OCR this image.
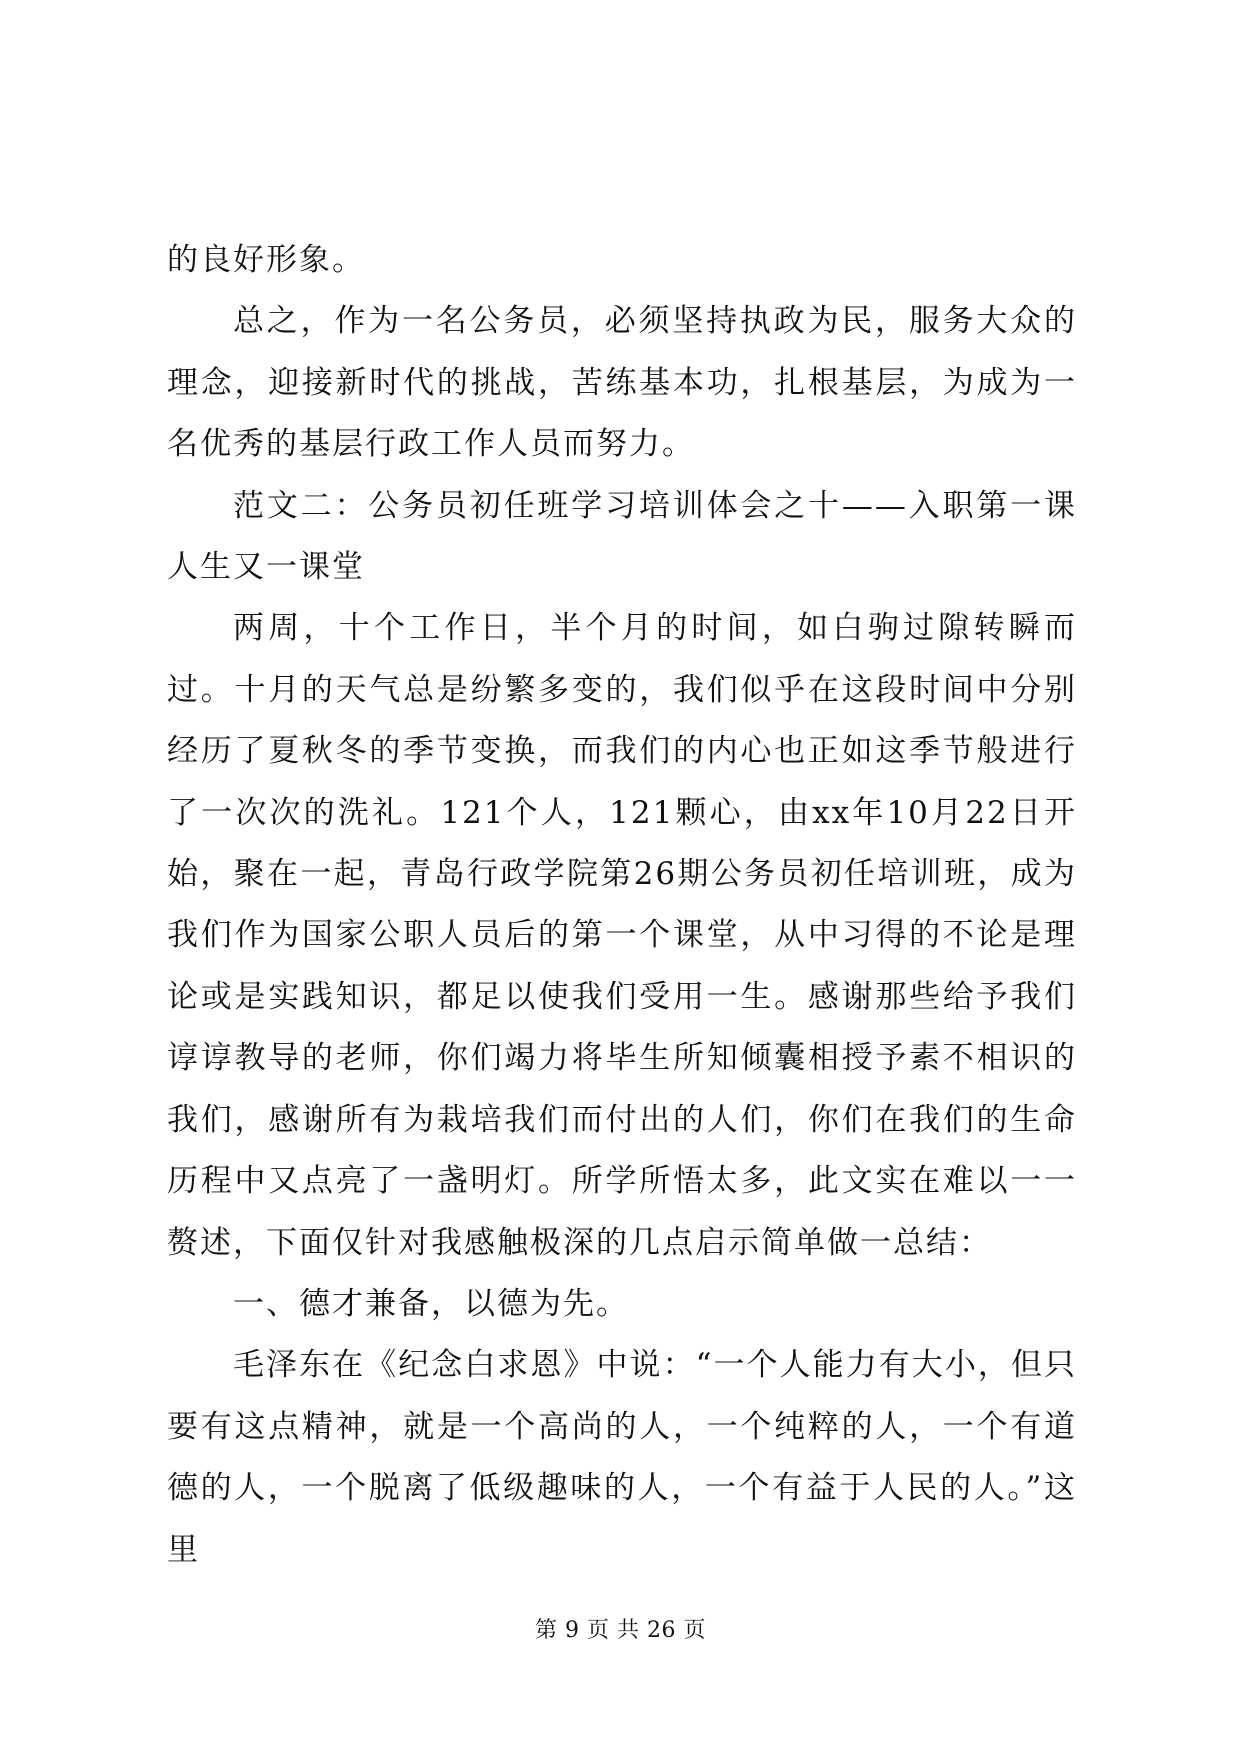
的良好形象。

总之，作为一名公务员，必须坚持执政为民，服务大众的理念，迎接新时代的挑战，苦练基本功，扎根基层，为成为一名优秀的基层行政工作人员而努力。

范文二：公务员初任班学习培训体会之十——入职第一课人生又一课堂

两周，十个工作日，半个月的时间，如白驹过隙转瞬而过。十月的天气总是纷繁多变的，我们似乎在这段时间中分别经历了夏秋冬的季节变换，而我们的内心也正如这季节般进行了一次次的洗礼。121个人，121颗心，由xx年10月22日开始，聚在一起，青岛行政学院第26期公务员初任培训班，成为我们作为国家公职人员后的第一个课堂，从中习得的不论是理论或是实践知识，都足以使我们受用一生。感谢那些给予我们谆谆教导的老师，你们竭力将毕生所知倾囊相授予素不相识的我们，感谢所有为栽培我们而付出的人们，你们在我们的生命历程中又点亮了一盏明灯。所学所悟太多，此文实在难以一一赘述，下面仅针对我感触极深的几点启示简单做一总结：

一、德才兼备，以德为先。

毛泽东在《纪念白求恩》中说：“一个人能力有大小，但只要有这点精神，就是一个高尚的人，一个纯粹的人，一个有道德的人，一个脱离了低级趣味的人，一个有益于人民的人。”这里

第 9 页 共 26 页
